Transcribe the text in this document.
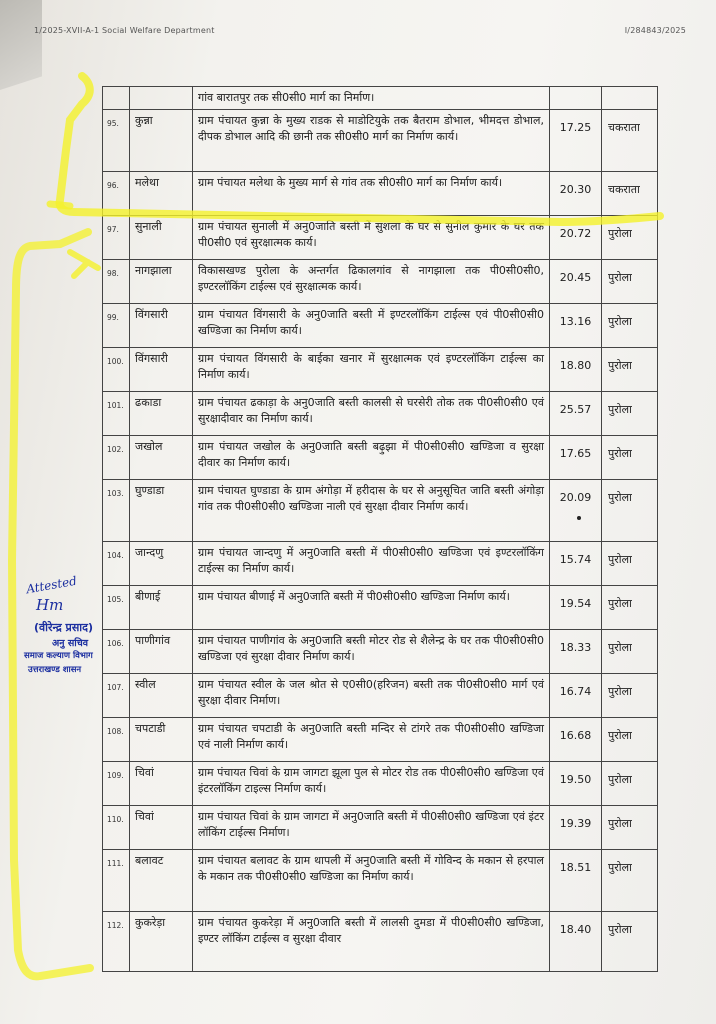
1/2025-XVII-A-1 Social Welfare Department	I/284843/2025
		गांव बारातपुर तक सी0सी0 मार्ग का निर्माण।		
95.	कुन्ना	ग्राम पंचायत कुन्ना के मुख्य राडक से माडोटियुके तक बैतराम डोभाल, भीमदत्त डोभाल, दीपक डोभाल आदि की छानी तक सी0सी0 मार्ग का निर्माण कार्य।	17.25	चकराता
96.	मलेथा	ग्राम पंचायत मलेथा के मुख्य मार्ग से गांव तक सी0सी0 मार्ग का निर्माण कार्य।	20.30	चकराता
97.	सुनाली	ग्राम पंचायत सुनाली में अनु0जाति बस्ती में सुशला के घर से सुनील कुमार के घर तक पी0सी0 एवं सुरक्षात्मक कार्य।	20.72	पुरोला
98.	नागझाला	विकासखण्ड पुरोला के अन्तर्गत ढिकालगांव से नागझाला तक पी0सी0सी0, इण्टरलॉकिंग टाईल्स एवं सुरक्षात्मक कार्य।	20.45	पुरोला
99.	विंगसारी	ग्राम पंचायत विंगसारी के अनु0जाति बस्ती में इण्टरलॉकिंग टाईल्स एवं पी0सी0सी0 खण्डिजा का निर्माण कार्य।	13.16	पुरोला
100.	विंगसारी	ग्राम पंचायत विंगसारी के बाईका खनार में सुरक्षात्मक एवं इण्टरलॉकिंग टाईल्स का निर्माण कार्य।	18.80	पुरोला
101.	ढकाडा	ग्राम पंचायत ढकाड़ा के अनु0जाति बस्ती कालसी से घरसेरी तोक तक पी0सी0सी0 एवं सुरक्षादीवार का निर्माण कार्य।	25.57	पुरोला
102.	जखोल	ग्राम पंचायत जखोल के अनु0जाति बस्ती बढ़ुझा में पी0सी0सी0 खण्डिजा व सुरक्षा दीवार का निर्माण कार्य।	17.65	पुरोला
103.	घुण्डाडा	ग्राम पंचायत घुण्डाडा के ग्राम अंगोड़ा में हरीदास के घर से अनुसूचित जाति बस्ती अंगोड़ा गांव तक पी0सी0सी0 खण्डिजा नाली एवं सुरक्षा दीवार निर्माण कार्य।	20.09	पुरोला
104.	जान्दणु	ग्राम पंचायत जान्दणु में अनु0जाति बस्ती में पी0सी0सी0 खण्डिजा एवं इण्टरलॉकिंग टाईल्स का निर्माण कार्य।	15.74	पुरोला
105.	बीणाई	ग्राम पंचायत बीणाई में अनु0जाति बस्ती में पी0सी0सी0 खण्डिजा निर्माण कार्य।	19.54	पुरोला
106.	पाणीगांव	ग्राम पंचायत पाणीगांव के अनु0जाति बस्ती मोटर रोड से शैलेन्द्र के घर तक पी0सी0सी0 खण्डिजा एवं सुरक्षा दीवार निर्माण कार्य।	18.33	पुरोला
107.	स्वील	ग्राम पंचायत स्वील के जल श्रोत से ए0सी0(हरिजन) बस्ती तक पी0सी0सी0 मार्ग एवं सुरक्षा दीवार निर्माण।	16.74	पुरोला
108.	चपटाडी	ग्राम पंचायत चपटाडी के अनु0जाति बस्ती मन्दिर से टांगरे तक पी0सी0सी0 खण्डिजा एवं नाली निर्माण कार्य।	16.68	पुरोला
109.	चिवां	ग्राम पंचायत चिवां के ग्राम जागटा झूला पुल से मोटर रोड तक पी0सी0सी0 खण्डिजा एवं इंटरलॉकिंग टाइल्स निर्माण कार्य।	19.50	पुरोला
110.	चिवां	ग्राम पंचायत चिवां के ग्राम जागटा में अनु0जाति बस्ती में पी0सी0सी0 खण्डिजा एवं इंटर लॉकिंग टाईल्स निर्माण।	19.39	पुरोला
111.	बलावट	ग्राम पंचायत बलावट के ग्राम थापली में अनु0जाति बस्ती में गोविन्द के मकान से हरपाल के मकान तक पी0सी0सी0 खण्डिजा का निर्माण कार्य।	18.51	पुरोला
112.	कुकरेड़ा	ग्राम पंचायत कुकरेड़ा में अनु0जाति बस्ती में लालसी दुमडा में पी0सी0सी0 खण्डिजा, इण्टर लॉकिंग टाईल्स व सुरक्षा दीवार	18.40	पुरोला
Attested
Hm
(वीरेन्द्र प्रसाद)
अनु सचिव
समाज कल्याण विभाग
उत्तराखण्ड शासन
